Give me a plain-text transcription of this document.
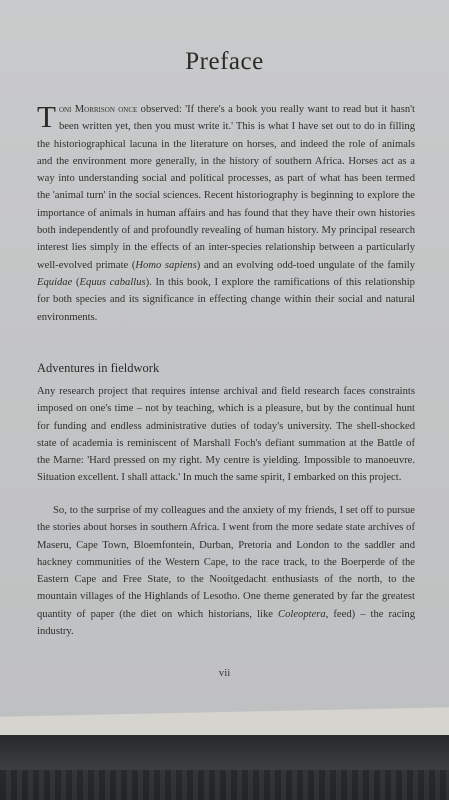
Preface
Toni Morrison once observed: 'If there's a book you really want to read but it hasn't been written yet, then you must write it.' This is what I have set out to do in filling the historiographical lacuna in the literature on horses, and indeed the role of animals and the environment more generally, in the history of southern Africa. Horses act as a way into understanding social and political processes, as part of what has been termed the 'animal turn' in the social sciences. Recent historiography is beginning to explore the importance of animals in human affairs and has found that they have their own histories both independently of and profoundly revealing of human history. My principal research interest lies simply in the effects of an inter-species relationship between a particularly well-evolved primate (Homo sapiens) and an evolving odd-toed ungulate of the family Equidae (Equus caballus). In this book, I explore the ramifications of this relationship for both species and its significance in effecting change within their social and natural environments.
Adventures in fieldwork
Any research project that requires intense archival and field research faces constraints imposed on one's time – not by teaching, which is a pleasure, but by the continual hunt for funding and endless administrative duties of today's university. The shell-shocked state of academia is reminiscent of Marshall Foch's defiant summation at the Battle of the Marne: 'Hard pressed on my right. My centre is yielding. Impossible to manoeuvre. Situation excellent. I shall attack.' In much the same spirit, I embarked on this project.
So, to the surprise of my colleagues and the anxiety of my friends, I set off to pursue the stories about horses in southern Africa. I went from the more sedate state archives of Maseru, Cape Town, Bloemfontein, Durban, Pretoria and London to the saddler and hackney communities of the Western Cape, to the race track, to the Boerperde of the Eastern Cape and Free State, to the Nooitgedacht enthusiasts of the north, to the mountain villages of the Highlands of Lesotho. One theme generated by far the greatest quantity of paper (the diet on which historians, like Coleoptera, feed) – the racing industry.
vii
